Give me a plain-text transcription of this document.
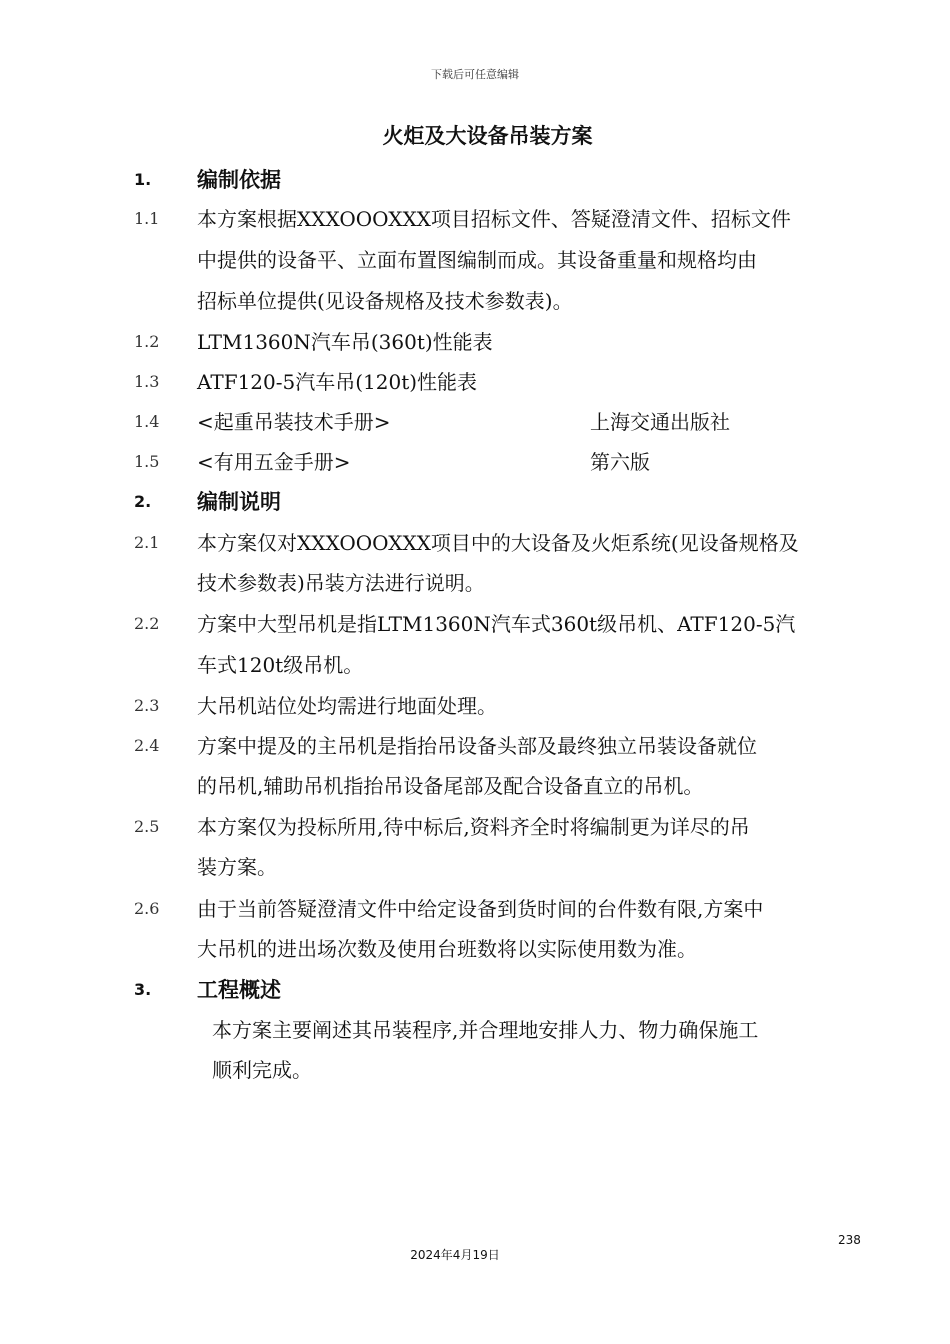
下载后可任意编辑
火炬及大设备吊装方案
1. 编制依据
1.1 本方案根据XXXOOOXXX项目招标文件、答疑澄清文件、招标文件
中提供的设备平、立面布置图编制而成。其设备重量和规格均由
招标单位提供(见设备规格及技术参数表)。
1.2 LTM1360N汽车吊(360t)性能表
1.3 ATF120-5汽车吊(120t)性能表
1.4 <起重吊装技术手册>	上海交通出版社
1.5 <有用五金手册>	第六版
2. 编制说明
2.1 本方案仅对XXXOOOXXX项目中的大设备及火炬系统(见设备规格及
技术参数表)吊装方法进行说明。
2.2 方案中大型吊机是指LTM1360N汽车式360t级吊机、ATF120-5汽
车式120t级吊机。
2.3 大吊机站位处均需进行地面处理。
2.4 方案中提及的主吊机是指抬吊设备头部及最终独立吊装设备就位
的吊机,辅助吊机指抬吊设备尾部及配合设备直立的吊机。
2.5 本方案仅为投标所用,待中标后,资料齐全时将编制更为详尽的吊
装方案。
2.6 由于当前答疑澄清文件中给定设备到货时间的台件数有限,方案中
大吊机的进出场次数及使用台班数将以实际使用数为准。
3. 工程概述
本方案主要阐述其吊装程序,并合理地安排人力、物力确保施工
顺利完成。
238
2024年4月19日
